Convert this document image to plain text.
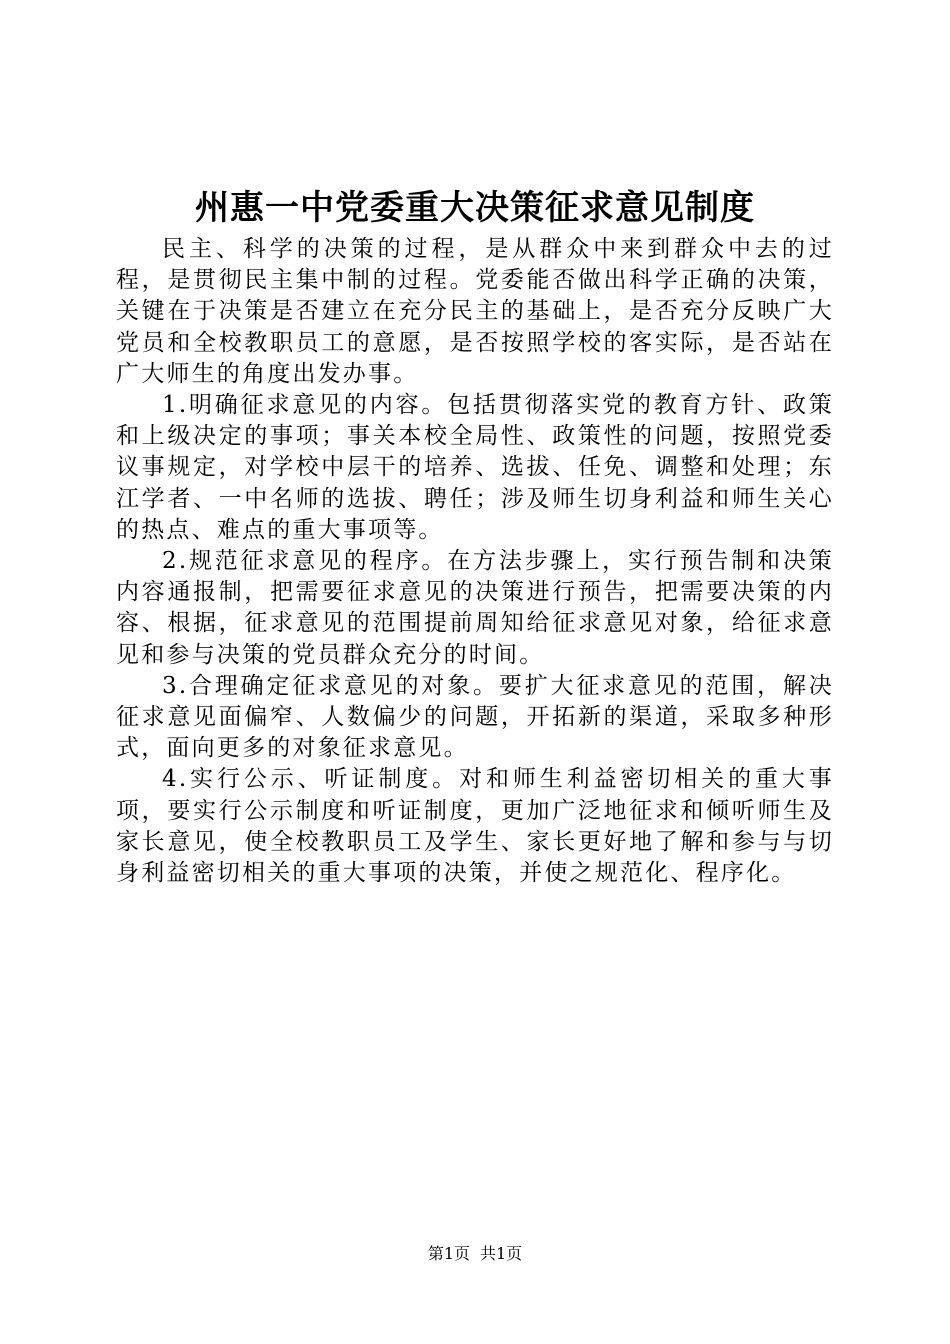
州惠一中党委重大决策征求意见制度

民主、科学的决策的过程，是从群众中来到群众中去的过程，是贯彻民主集中制的过程。党委能否做出科学正确的决策，关键在于决策是否建立在充分民主的基础上，是否充分反映广大党员和全校教职员工的意愿，是否按照学校的客实际，是否站在广大师生的角度出发办事。

1.明确征求意见的内容。包括贯彻落实党的教育方针、政策和上级决定的事项；事关本校全局性、政策性的问题，按照党委议事规定，对学校中层干的培养、选拔、任免、调整和处理；东江学者、一中名师的选拔、聘任；涉及师生切身利益和师生关心的热点、难点的重大事项等。

2.规范征求意见的程序。在方法步骤上，实行预告制和决策内容通报制，把需要征求意见的决策进行预告，把需要决策的内容、根据，征求意见的范围提前周知给征求意见对象，给征求意见和参与决策的党员群众充分的时间。

3.合理确定征求意见的对象。要扩大征求意见的范围，解决征求意见面偏窄、人数偏少的问题，开拓新的渠道，采取多种形式，面向更多的对象征求意见。

4.实行公示、听证制度。对和师生利益密切相关的重大事项，要实行公示制度和听证制度，更加广泛地征求和倾听师生及家长意见，使全校教职员工及学生、家长更好地了解和参与与切身利益密切相关的重大事项的决策，并使之规范化、程序化。

第1页 共1页
